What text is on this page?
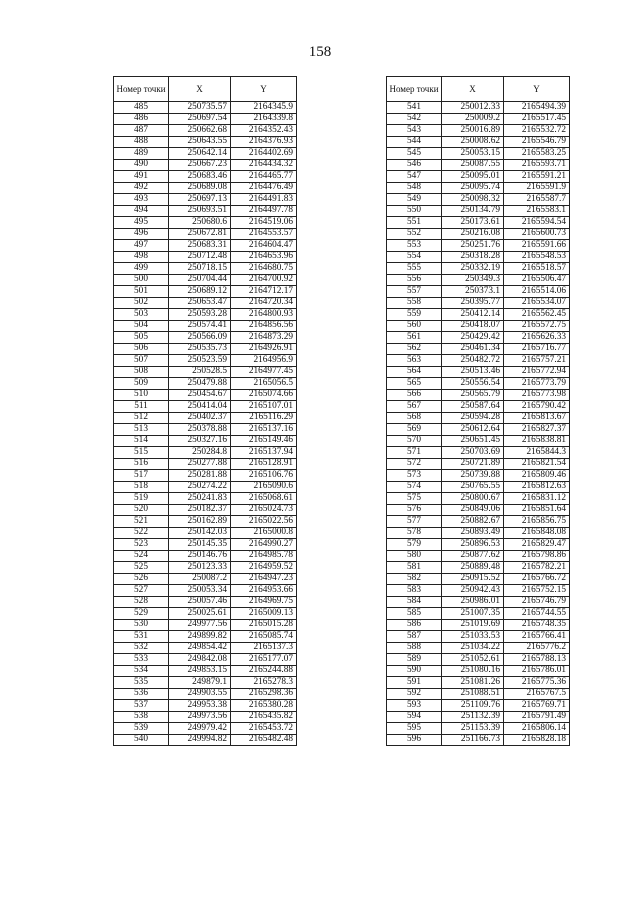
158
Номер точки	X	Y
485	250735.57	2164345.9
486	250697.54	2164339.8
487	250662.68	2164352.43
488	250643.55	2164376.93
489	250642.14	2164402.69
490	250667.23	2164434.32
491	250683.46	2164465.77
492	250689.08	2164476.49
493	250697.13	2164491.83
494	250693.51	2164497.78
495	250680.6	2164519.06
496	250672.81	2164553.57
497	250683.31	2164604.47
498	250712.48	2164653.96
499	250718.15	2164680.75
500	250704.44	2164700.92
501	250689.12	2164712.17
502	250653.47	2164720.34
503	250593.28	2164800.93
504	250574.41	2164856.56
505	250566.09	2164873.29
506	250535.73	2164926.91
507	250523.59	2164956.9
508	250528.5	2164977.45
509	250479.88	2165056.5
510	250454.67	2165074.66
511	250414.04	2165107.01
512	250402.37	2165116.29
513	250378.88	2165137.16
514	250327.16	2165149.46
515	250284.8	2165137.94
516	250277.88	2165128.91
517	250281.88	2165106.76
518	250274.22	2165090.6
519	250241.83	2165068.61
520	250182.37	2165024.73
521	250162.89	2165022.56
522	250142.03	2165000.8
523	250145.35	2164990.27
524	250146.76	2164985.78
525	250123.33	2164959.52
526	250087.2	2164947.23
527	250053.34	2164953.66
528	250057.46	2164969.75
529	250025.61	2165009.13
530	249977.56	2165015.28
531	249899.82	2165085.74
532	249854.42	2165137.3
533	249842.08	2165177.07
534	249853.15	2165244.88
535	249879.1	2165278.3
536	249903.55	2165298.36
537	249953.38	2165380.28
538	249973.56	2165435.82
539	249979.42	2165453.72
540	249994.82	2165482.48
Номер точки	X	Y
541	250012.33	2165494.39
542	250009.2	2165517.45
543	250016.89	2165532.72
544	250008.62	2165546.79
545	250053.15	2165583.25
546	250087.55	2165593.71
547	250095.01	2165591.21
548	250095.74	2165591.9
549	250098.32	2165587.7
550	250134.79	2165583.1
551	250173.61	2165594.54
552	250216.08	2165600.73
553	250251.76	2165591.66
554	250318.28	2165548.53
555	250332.19	2165518.57
556	250349.3	2165506.47
557	250373.1	2165514.06
558	250395.77	2165534.07
559	250412.14	2165562.45
560	250418.07	2165572.75
561	250429.42	2165626.33
562	250461.34	2165716.77
563	250482.72	2165757.21
564	250513.46	2165772.94
565	250556.54	2165773.79
566	250565.79	2165773.98
567	250587.64	2165790.42
568	250594.28	2165813.67
569	250612.64	2165827.37
570	250651.45	2165838.81
571	250703.69	2165844.3
572	250721.89	2165821.54
573	250739.88	2165809.46
574	250765.55	2165812.63
575	250800.67	2165831.12
576	250849.06	2165851.64
577	250882.67	2165856.75
578	250893.49	2165848.08
579	250896.53	2165829.47
580	250877.62	2165798.86
581	250889.48	2165782.21
582	250915.52	2165766.72
583	250942.43	2165752.15
584	250986.01	2165746.79
585	251007.35	2165744.55
586	251019.69	2165748.35
587	251033.53	2165766.41
588	251034.22	2165776.2
589	251052.61	2165788.13
590	251080.16	2165786.01
591	251081.26	2165775.36
592	251088.51	2165767.5
593	251109.76	2165769.71
594	251132.39	2165791.49
595	251153.39	2165806.14
596	251166.73	2165828.18
